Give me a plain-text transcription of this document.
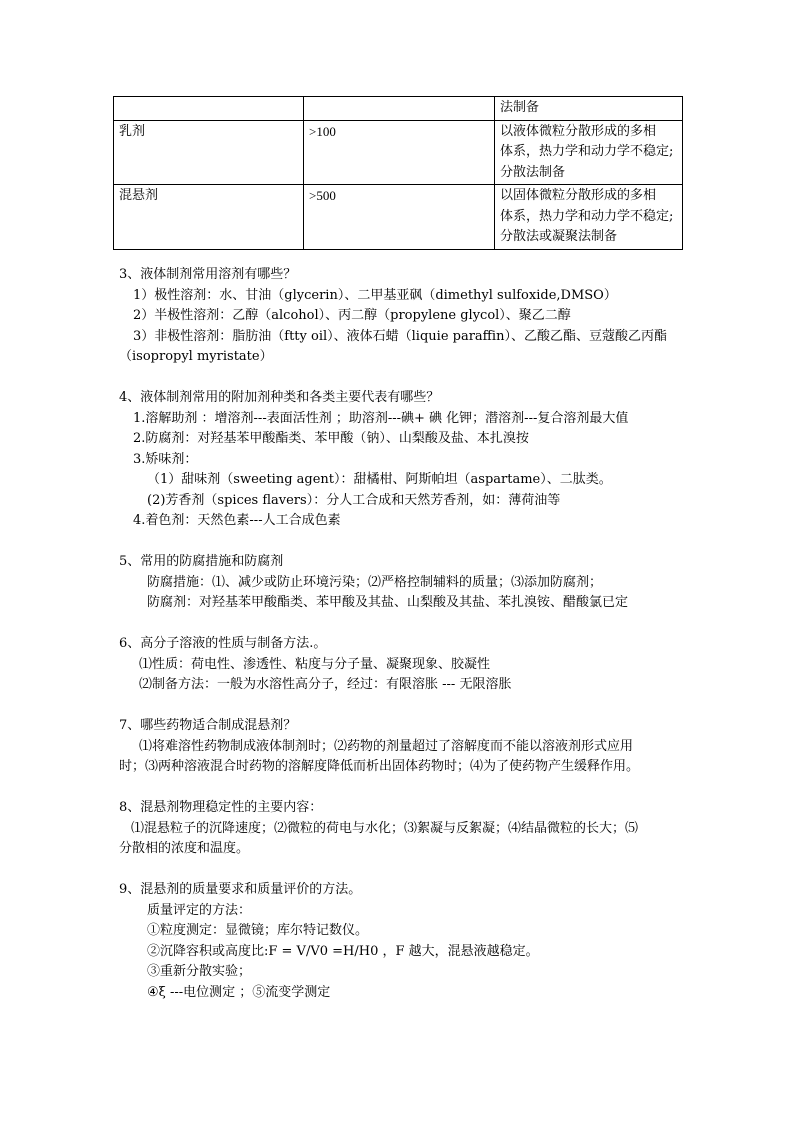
		法制备

乳剂	>100	以液体微粒分散形成的多相
体系，热力学和动力学不稳定;
分散法制备

混悬剂	>500	以固体微粒分散形成的多相
体系，热力学和动力学不稳定;
分散法或凝聚法制备
3、液体制剂常用溶剂有哪些？
1）极性溶剂：水、甘油（glycerin）、二甲基亚砜（dimethyl sulfoxide,DMSO）
2）半极性溶剂：乙醇（alcohol）、丙二醇（propylene glycol）、聚乙二醇
3）非极性溶剂：脂肪油（ftty oil）、液体石蜡（liquie paraffin）、乙酸乙酯、豆蔻酸乙丙酯
（isopropyl myristate）
4、液体制剂常用的附加剂种类和各类主要代表有哪些？
1.溶解助剂 ：增溶剂---表面活性剂 ；助溶剂---碘+ 碘 化钾；潜溶剂---复合溶剂最大值
2.防腐剂：对羟基苯甲酸酯类、苯甲酸（钠）、山梨酸及盐、本扎溴按
3.矫味剂：
（1）甜味剂（sweeting agent）：甜橘柑、阿斯帕坦（aspartame）、二肽类。
(2)芳香剂（spices flavers）：分人工合成和天然芳香剂，如：薄荷油等
4.着色剂：天然色素---人工合成色素
5、常用的防腐措施和防腐剂
防腐措施：⑴、减少或防止环境污染；⑵严格控制辅料的质量；⑶添加防腐剂；
防腐剂：对羟基苯甲酸酯类、苯甲酸及其盐、山梨酸及其盐、苯扎溴铵、醋酸氯已定
6、高分子溶液的性质与制备方法.。
⑴性质：荷电性、渗透性、粘度与分子量、凝聚现象、胶凝性
⑵制备方法：一般为水溶性高分子，经过：有限溶胀 --- 无限溶胀
7、哪些药物适合制成混悬剂？
⑴将难溶性药物制成液体制剂时；⑵药物的剂量超过了溶解度而不能以溶液剂形式应用
时；⑶两种溶液混合时药物的溶解度降低而析出固体药物时；⑷为了使药物产生缓释作用。
8、混悬剂物理稳定性的主要内容：
⑴混悬粒子的沉降速度；⑵微粒的荷电与水化；⑶絮凝与反絮凝；⑷结晶微粒的长大；⑸
分散相的浓度和温度。
9、混悬剂的质量要求和质量评价的方法。
质量评定的方法：
①粒度测定：显微镜；库尔特记数仪。
②沉降容积或高度比:F = V/V0 =H/H0 ，F 越大，混悬液越稳定。
③重新分散实验；
④ξ ---电位测定 ；⑤流变学测定
